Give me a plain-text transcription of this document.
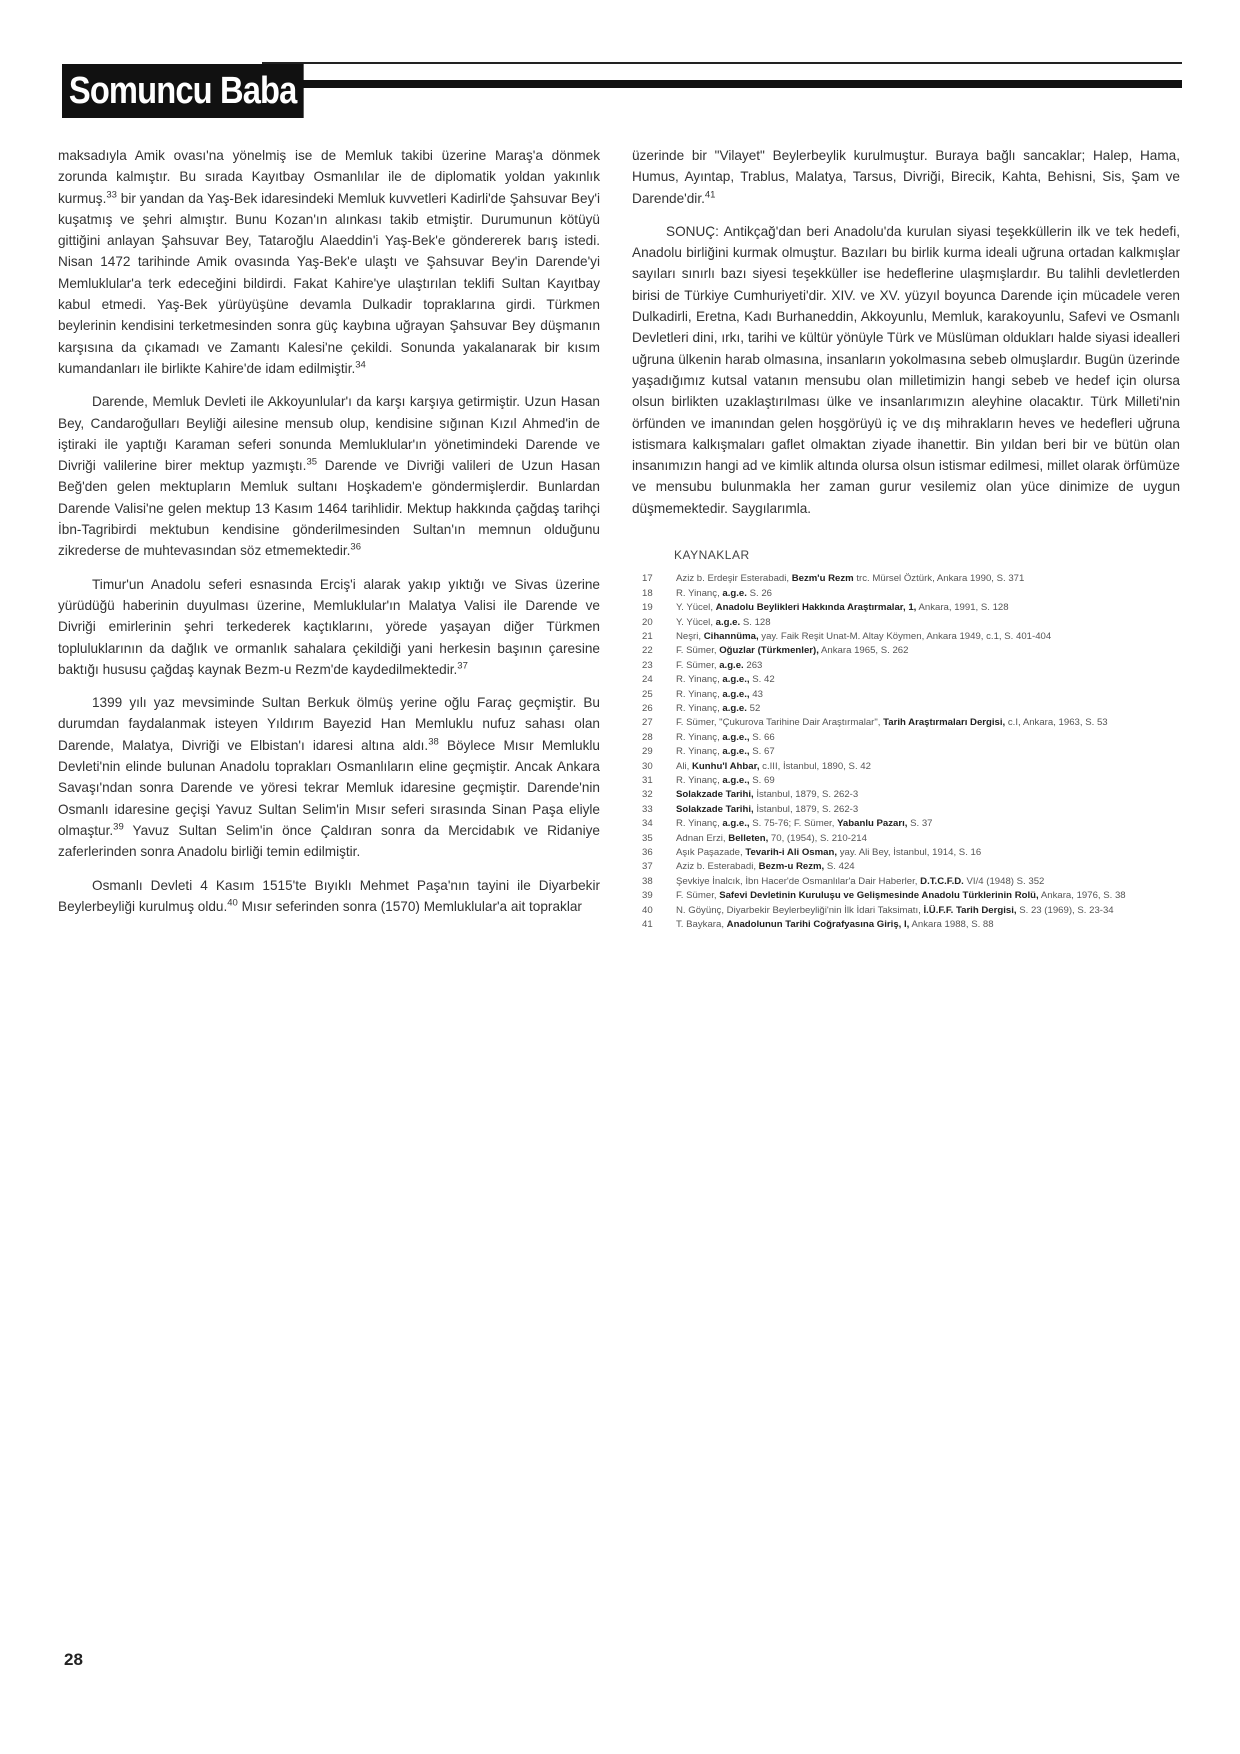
Somuncu Baba

maksadıyla Amik ovası'na yönelmiş ise de Memluk takibi üzerine Maraş'a dönmek zorunda kalmıştır. Bu sırada Kayıtbay Osmanlılar ile de diplomatik yoldan yakınlık kurmuş.$^{33}$ bir yandan da Yaş-Bek idaresindeki Memluk kuvvetleri Kadirli'de Şahsuvar Bey'i kuşatmış ve şehri almıştır. Bunu Kozan'ın alınkası takib etmiştir. Durumunun kötüyü gittiğini anlayan Şahsuvar Bey, Tataroğlu Alaeddin'i Yaş-Bek'e göndererek barış istedi. Nisan 1472 tarihinde Amik ovasında Yaş-Bek'e ulaştı ve Şahsuvar Bey'in Darende'yi Memluklular'a terk edeceğini bildirdi. Fakat Kahire'ye ulaştırılan teklifi Sultan Kayıtbay kabul etmedi. Yaş-Bek yürüyüşüne devamla Dulkadir topraklarına girdi. Türkmen beylerinin kendisini terketmesinden sonra güç kaybına uğrayan Şahsuvar Bey düşmanın karşısına da çıkamadı ve Zamantı Kalesi'ne çekildi. Sonunda yakalanarak bir kısım kumandanları ile birlikte Kahire'de idam edilmiştir.$^{34}$

Darende, Memluk Devleti ile Akkoyunlular'ı da karşı karşıya getirmiştir. Uzun Hasan Bey, Candaroğulları Beyliği ailesine mensub olup, kendisine sığınan Kızıl Ahmed'in de iştiraki ile yaptığı Karaman seferi sonunda Memluklular'ın yönetimindeki Darende ve Divriği valilerine birer mektup yazmıştı.$^{35}$ Darende ve Divriği valileri de Uzun Hasan Beğ'den gelen mektupların Memluk sultanı Hoşkadem'e göndermişlerdir. Bunlardan Darende Valisi'ne gelen mektup 13 Kasım 1464 tarihlidir. Mektup hakkında çağdaş tarihçi İbn-Tagribirdi mektubun kendisine gönderilmesinden Sultan'ın memnun olduğunu zikrederse de muhtevasından söz etmemektedir.$^{36}$

Timur'un Anadolu seferi esnasında Erciş'i alarak yakıp yıktığı ve Sivas üzerine yürüdüğü haberinin duyulması üzerine, Memluklular'ın Malatya Valisi ile Darende ve Divriği emirlerinin şehri terkederek kaçtıklarını, yörede yaşayan diğer Türkmen topluluklarının da dağlık ve ormanlık sahalara çekildiği yani herkesin başının çaresine baktığı hususu çağdaş kaynak Bezm-u Rezm'de kaydedilmektedir.$^{37}$

1399 yılı yaz mevsiminde Sultan Berkuk ölmüş yerine oğlu Faraç geçmiştir. Bu durumdan faydalanmak isteyen Yıldırım Bayezid Han Memluklu nufuz sahası olan Darende, Malatya, Divriği ve Elbistan'ı idaresi altına aldı.$^{38}$ Böylece Mısır Memluklu Devleti'nin elinde bulunan Anadolu toprakları Osmanlıların eline geçmiştir. Ancak Ankara Savaşı'ndan sonra Darende ve yöresi tekrar Memluk idaresine geçmiştir. Darende'nin Osmanlı idaresine geçişi Yavuz Sultan Selim'in Mısır seferi sırasında Sinan Paşa eliyle olmaştur.$^{39}$ Yavuz Sultan Selim'in önce Çaldıran sonra da Mercidabık ve Ridaniye zaferlerinden sonra Anadolu birliği temin edilmiştir.

Osmanlı Devleti 4 Kasım 1515'te Bıyıklı Mehmet Paşa'nın tayini ile Diyarbekir Beylerbeyliği kurulmuş oldu.$^{40}$ Mısır seferinden sonra (1570) Memluklular'a ait topraklar

üzerinde bir "Vilayet" Beylerbeylik kurulmuştur. Buraya bağlı sancaklar; Halep, Hama, Humus, Ayıntap, Trablus, Malatya, Tarsus, Divriği, Birecik, Kahta, Behisni, Sis, Şam ve Darende'dir.$^{41}$

SONUÇ: Antikçağ'dan beri Anadolu'da kurulan siyasi teşekküllerin ilk ve tek hedefi, Anadolu birliğini kurmak olmuştur. Bazıları bu birlik kurma ideali uğruna ortadan kalkmışlar sayıları sınırlı bazı siyesi teşekküller ise hedeflerine ulaşmışlardır. Bu talihli devletlerden birisi de Türkiye Cumhuriyeti'dir. XIV. ve XV. yüzyıl boyunca Darende için mücadele veren Dulkadirli, Eretna, Kadı Burhaneddin, Akkoyunlu, Memluk, karakoyunlu, Safevi ve Osmanlı Devletleri dini, ırkı, tarihi ve kültür yönüyle Türk ve Müslüman oldukları halde siyasi idealleri uğruna ülkenin harab olmasına, insanların yokolmasına sebeb olmuşlardır. Bugün üzerinde yaşadığımız kutsal vatanın mensubu olan milletimizin hangi sebeb ve hedef için olursa olsun birlikten uzaklaştırılması ülke ve insanlarımızın aleyhine olacaktır. Türk Milleti'nin örfünden ve imanından gelen hoşgörüyü iç ve dış mihrakların heves ve hedefleri uğruna istismara kalkışmaları gaflet olmaktan ziyade ihanettir. Bin yıldan beri bir ve bütün olan insanımızın hangi ad ve kimlik altında olursa olsun istismar edilmesi, millet olarak örfümüze ve mensubu bulunmakla her zaman gurur vesilemiz olan yüce dinimize de uygun düşmemektedir. Saygılarımla.

KAYNAKLAR
17 Aziz b. Erdeşir Esterabadi, Bezm'u Rezm trc. Mürsel Öztürk, Ankara 1990, S. 371
18 R. Yinanç, a.g.e. S. 26
19 Y. Yücel, Anadolu Beylikleri Hakkında Araştırmalar, 1, Ankara, 1991, S. 128
20 Y. Yücel, a.g.e. S. 128
21 Neşri, Cihannüma, yay. Faik Reşit Unat-M. Altay Köymen, Ankara 1949, c.1, S. 401-404
22 F. Sümer, Oğuzlar (Türkmenler), Ankara 1965, S. 262
23 F. Sümer, a.g.e. 263
24 R. Yinanç, a.g.e., S. 42
25 R. Yinanç, a.g.e., 43
26 R. Yinanç, a.g.e. 52
27 F. Sümer, "Çukurova Tarihine Dair Araştırmalar", Tarih Araştırmaları Dergisi, c.I, Ankara, 1963, S. 53
28 R. Yinanç, a.g.e., S. 66
29 R. Yinanç, a.g.e., S. 67
30 Ali, Kunhu'l Ahbar, c.III, İstanbul, 1890, S. 42
31 R. Yinanç, a.g.e., S. 69
32 Solakzade Tarihi, İstanbul, 1879, S. 262-3
33 Solakzade Tarihi, İstanbul, 1879, S. 262-3
34 R. Yinanç, a.g.e., S. 75-76; F. Sümer, Yabanlu Pazarı, S. 37
35 Adnan Erzi, Belleten, 70, (1954), S. 210-214
36 Aşık Paşazade, Tevarih-i Ali Osman, yay. Ali Bey, İstanbul, 1914, S. 16
37 Aziz b. Esterabadi, Bezm-u Rezm, S. 424
38 Şevkiye İnalcık, İbn Hacer'de Osmanlılar'a Dair Haberler, D.T.C.F.D. VI/4 (1948) S. 352
39 F. Sümer, Safevi Devletinin Kuruluşu ve Gelişmesinde Anadolu Türklerinin Rolü, Ankara, 1976, S. 38
40 N. Göyünç, Diyarbekir Beylerbeyliği'nin İlk İdari Taksimatı, İ.Ü.F.F. Tarih Dergisi, S. 23 (1969), S. 23-34
41 T. Baykara, Anadolunun Tarihi Coğrafyasına Giriş, I, Ankara 1988, S. 88
28
